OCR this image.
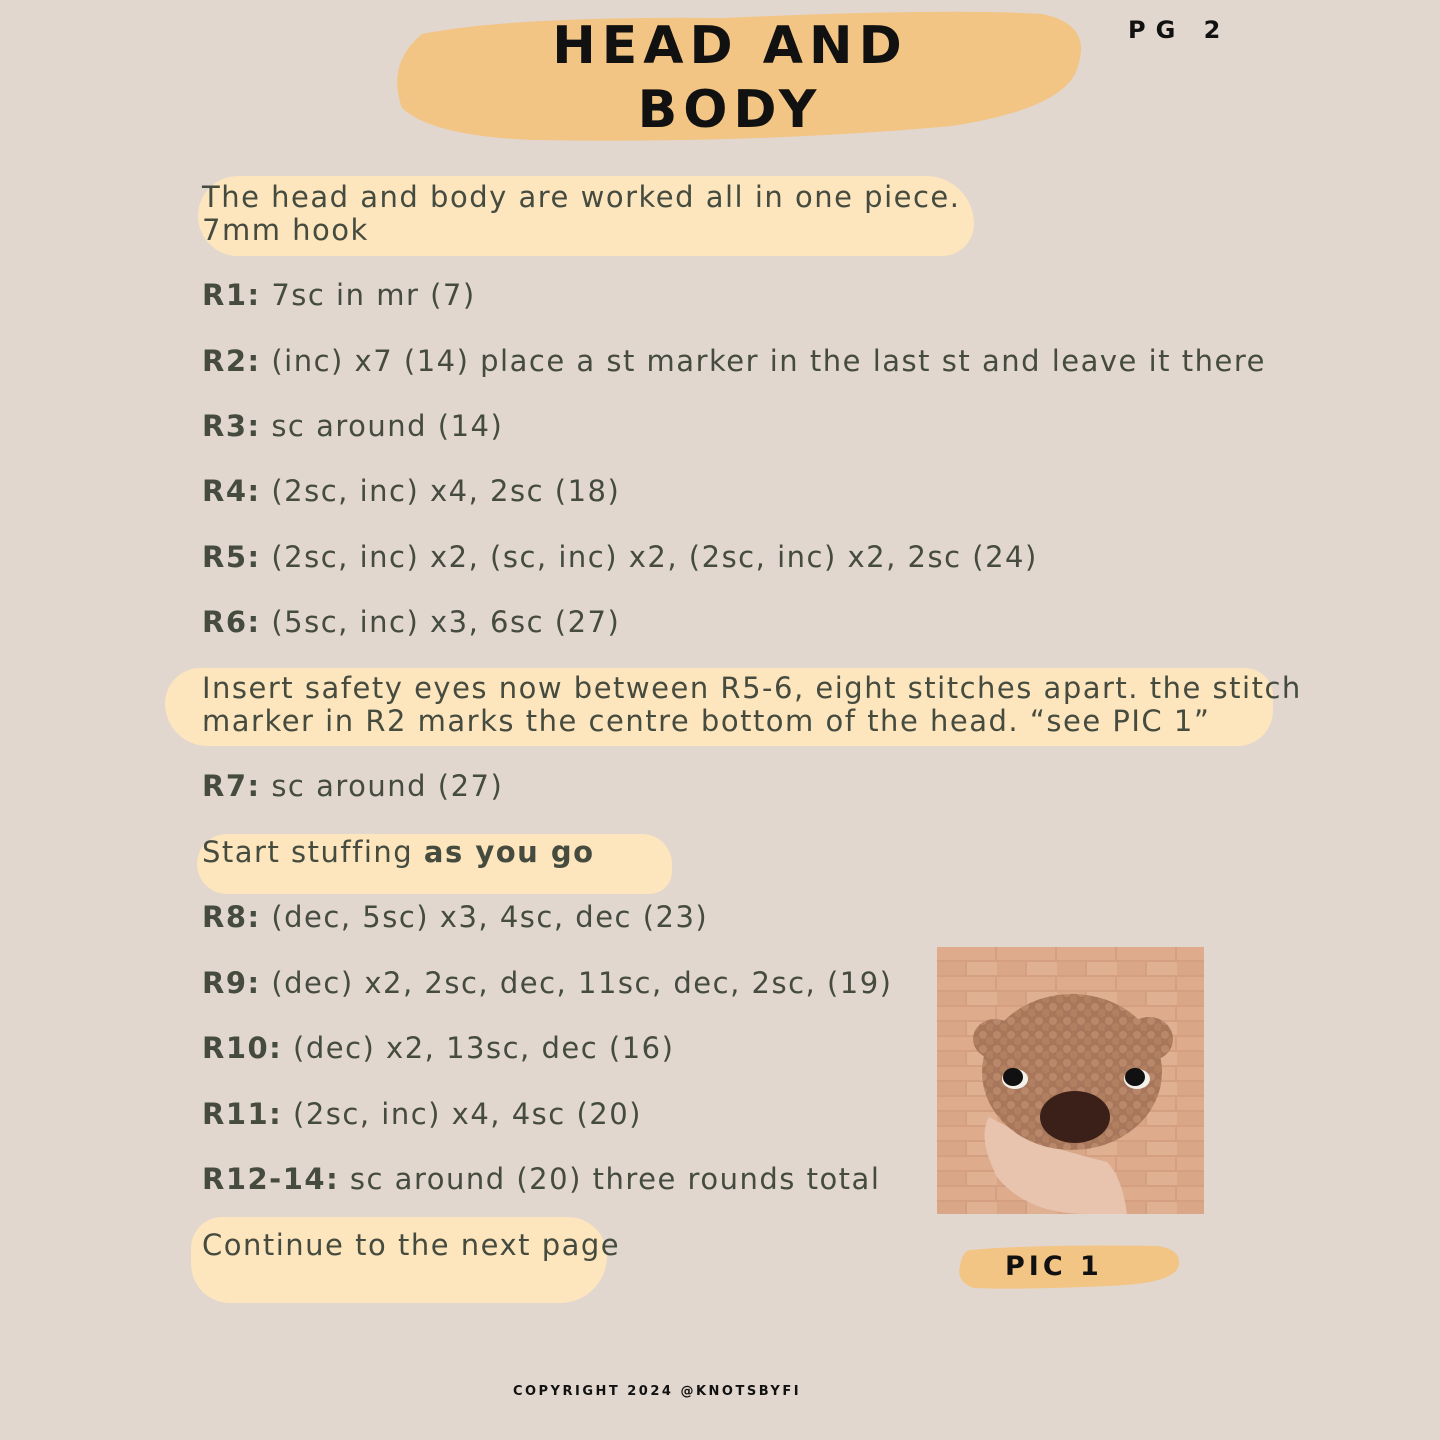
HEAD AND
BODY
PG 2
The head and body are worked all in one piece.
7mm hook
R1: 7sc in mr (7)
R2: (inc) x7 (14) place a st marker in the last st and leave it there
R3: sc around (14)
R4: (2sc, inc) x4, 2sc (18)
R5: (2sc, inc) x2, (sc, inc) x2, (2sc, inc) x2, 2sc (24)
R6: (5sc, inc) x3, 6sc (27)
Insert safety eyes now between R5-6, eight stitches apart. the stitch
marker in R2 marks the centre bottom of the head. “see PIC 1”
R7: sc around (27)
Start stuffing as you go
R8: (dec, 5sc) x3, 4sc, dec (23)
R9: (dec) x2, 2sc, dec, 11sc, dec, 2sc, (19)
R10: (dec) x2, 13sc, dec (16)
R11: (2sc, inc) x4, 4sc (20)
R12-14: sc around (20) three rounds total
Continue to the next page
PIC 1
COPYRIGHT 2024 @KNOTSBYFI
